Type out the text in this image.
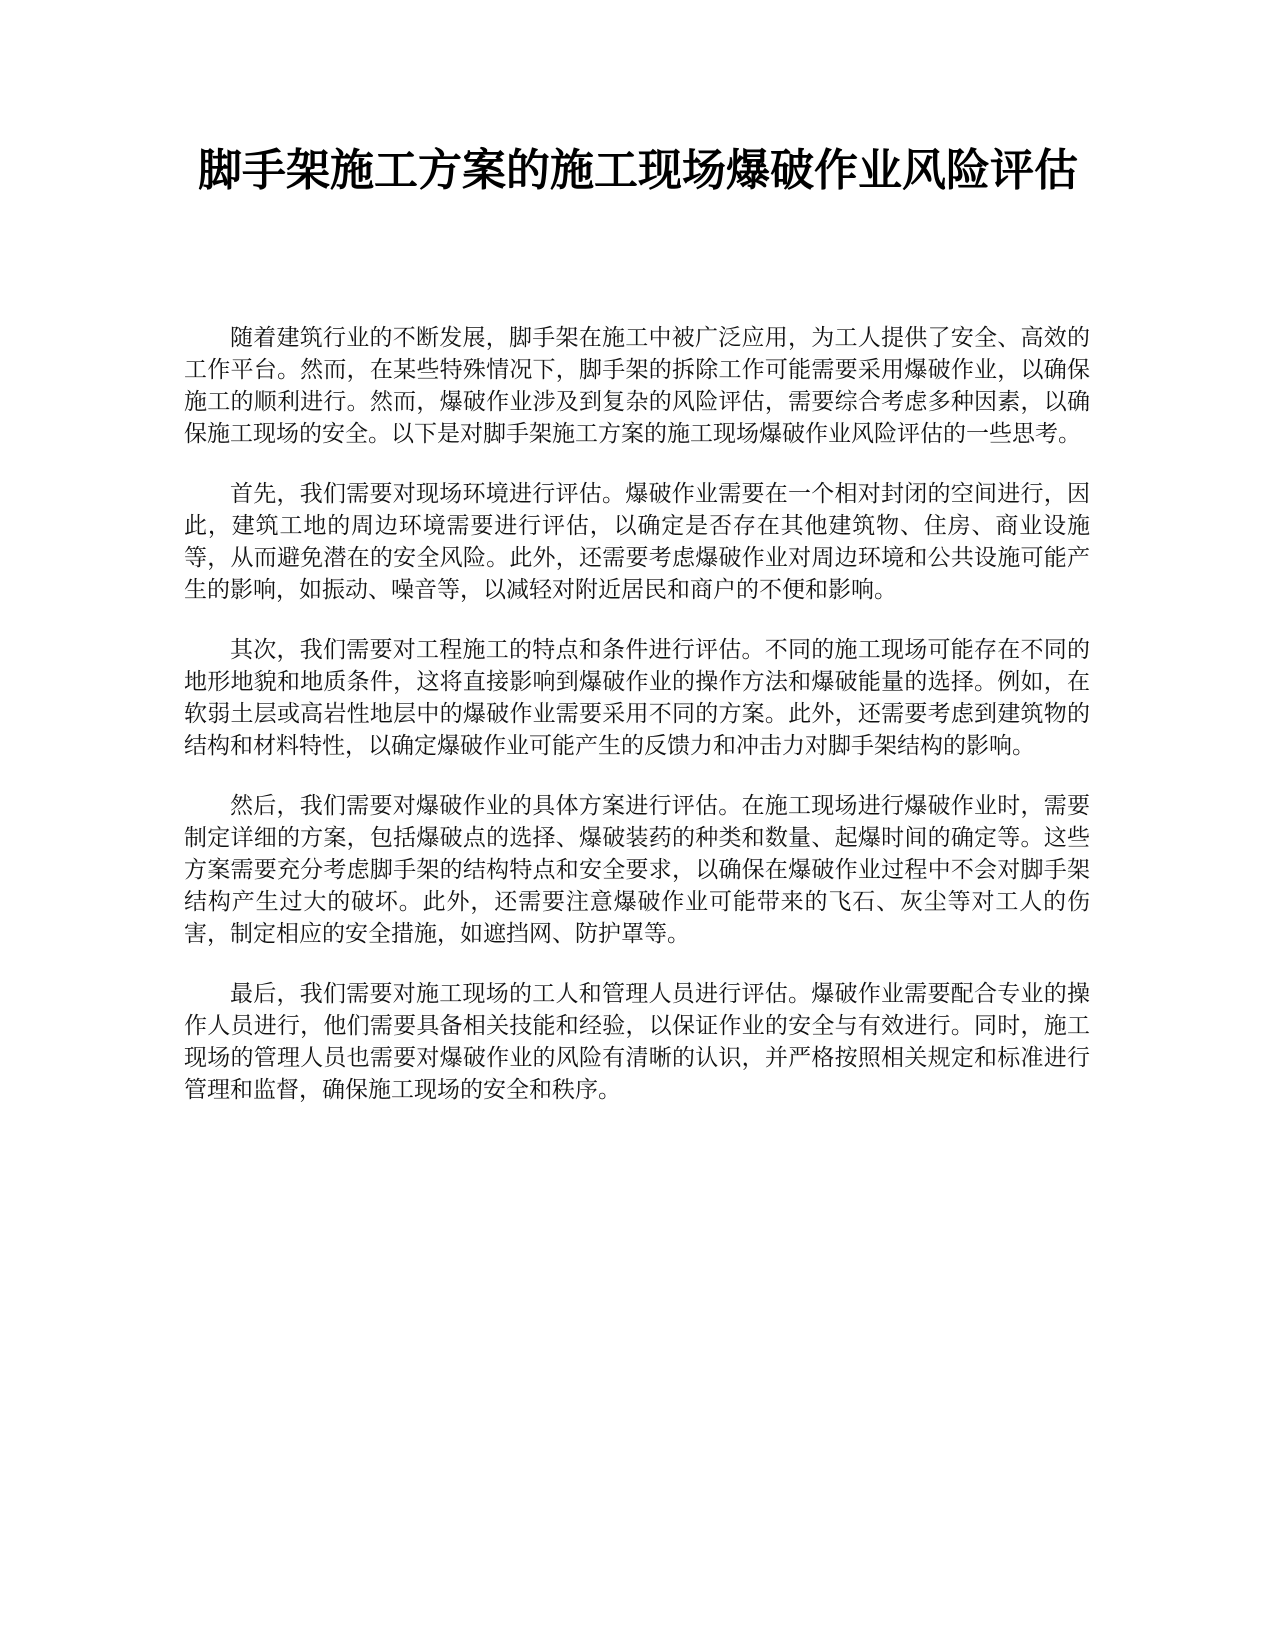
脚手架施工方案的施工现场爆破作业风险评估

随着建筑行业的不断发展，脚手架在施工中被广泛应用，为工人提供了安全、高效的工作平台。然而，在某些特殊情况下，脚手架的拆除工作可能需要采用爆破作业，以确保施工的顺利进行。然而，爆破作业涉及到复杂的风险评估，需要综合考虑多种因素，以确保施工现场的安全。以下是对脚手架施工方案的施工现场爆破作业风险评估的一些思考。

首先，我们需要对现场环境进行评估。爆破作业需要在一个相对封闭的空间进行，因此，建筑工地的周边环境需要进行评估，以确定是否存在其他建筑物、住房、商业设施等，从而避免潜在的安全风险。此外，还需要考虑爆破作业对周边环境和公共设施可能产生的影响，如振动、噪音等，以减轻对附近居民和商户的不便和影响。

其次，我们需要对工程施工的特点和条件进行评估。不同的施工现场可能存在不同的地形地貌和地质条件，这将直接影响到爆破作业的操作方法和爆破能量的选择。例如，在软弱土层或高岩性地层中的爆破作业需要采用不同的方案。此外，还需要考虑到建筑物的结构和材料特性，以确定爆破作业可能产生的反馈力和冲击力对脚手架结构的影响。

然后，我们需要对爆破作业的具体方案进行评估。在施工现场进行爆破作业时，需要制定详细的方案，包括爆破点的选择、爆破装药的种类和数量、起爆时间的确定等。这些方案需要充分考虑脚手架的结构特点和安全要求，以确保在爆破作业过程中不会对脚手架结构产生过大的破坏。此外，还需要注意爆破作业可能带来的飞石、灰尘等对工人的伤害，制定相应的安全措施，如遮挡网、防护罩等。

最后，我们需要对施工现场的工人和管理人员进行评估。爆破作业需要配合专业的操作人员进行，他们需要具备相关技能和经验，以保证作业的安全与有效进行。同时，施工现场的管理人员也需要对爆破作业的风险有清晰的认识，并严格按照相关规定和标准进行管理和监督，确保施工现场的安全和秩序。
